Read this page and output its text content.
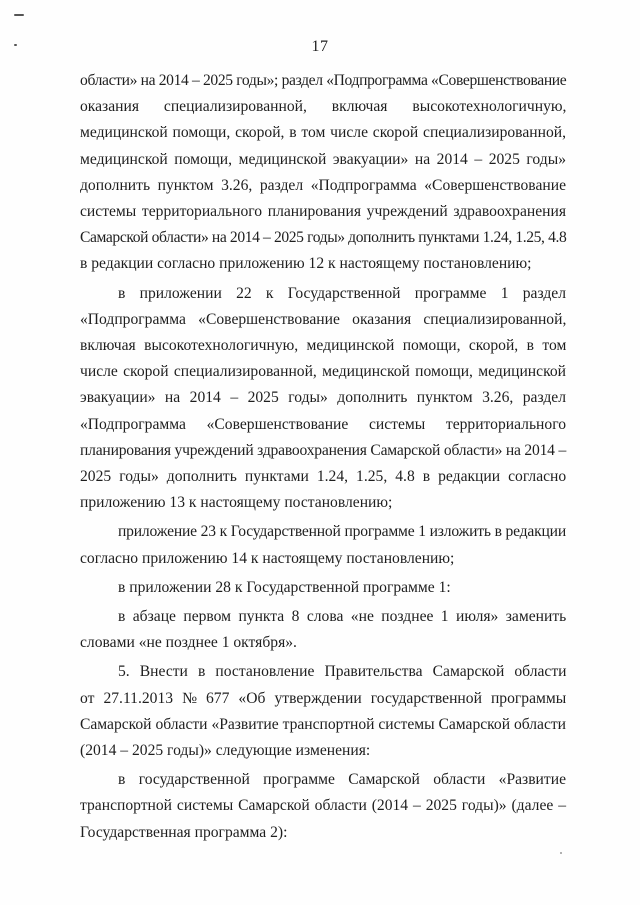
17
области» на 2014 – 2025 годы»; раздел «Подпрограмма «Совершенствование
оказания специализированной, включая высокотехнологичную,
медицинской помощи, скорой, в том числе скорой специализированной,
медицинской помощи, медицинской эвакуации» на 2014 – 2025 годы»
дополнить пунктом 3.26, раздел «Подпрограмма «Совершенствование
системы территориального планирования учреждений здравоохранения
Самарской области» на 2014 – 2025 годы» дополнить пунктами 1.24, 1.25, 4.8
в редакции согласно приложению 12 к настоящему постановлению;
в приложении 22 к Государственной программе 1 раздел
«Подпрограмма «Совершенствование оказания специализированной,
включая высокотехнологичную, медицинской помощи, скорой, в том
числе скорой специализированной, медицинской помощи, медицинской
эвакуации» на 2014 – 2025 годы» дополнить пунктом 3.26, раздел
«Подпрограмма «Совершенствование системы территориального
планирования учреждений здравоохранения Самарской области» на 2014 –
2025 годы» дополнить пунктами 1.24, 1.25, 4.8 в редакции согласно
приложению 13 к настоящему постановлению;
приложение 23 к Государственной программе 1 изложить в редакции
согласно приложению 14 к настоящему постановлению;
в приложении 28 к Государственной программе 1:
в абзаце первом пункта 8 слова «не позднее 1 июля» заменить
словами «не позднее 1 октября».
5. Внести в постановление Правительства Самарской области
от 27.11.2013 № 677 «Об утверждении государственной программы
Самарской области «Развитие транспортной системы Самарской области
(2014 – 2025 годы)» следующие изменения:
в государственной программе Самарской области «Развитие
транспортной системы Самарской области (2014 – 2025 годы)» (далее –
Государственная программа 2):
